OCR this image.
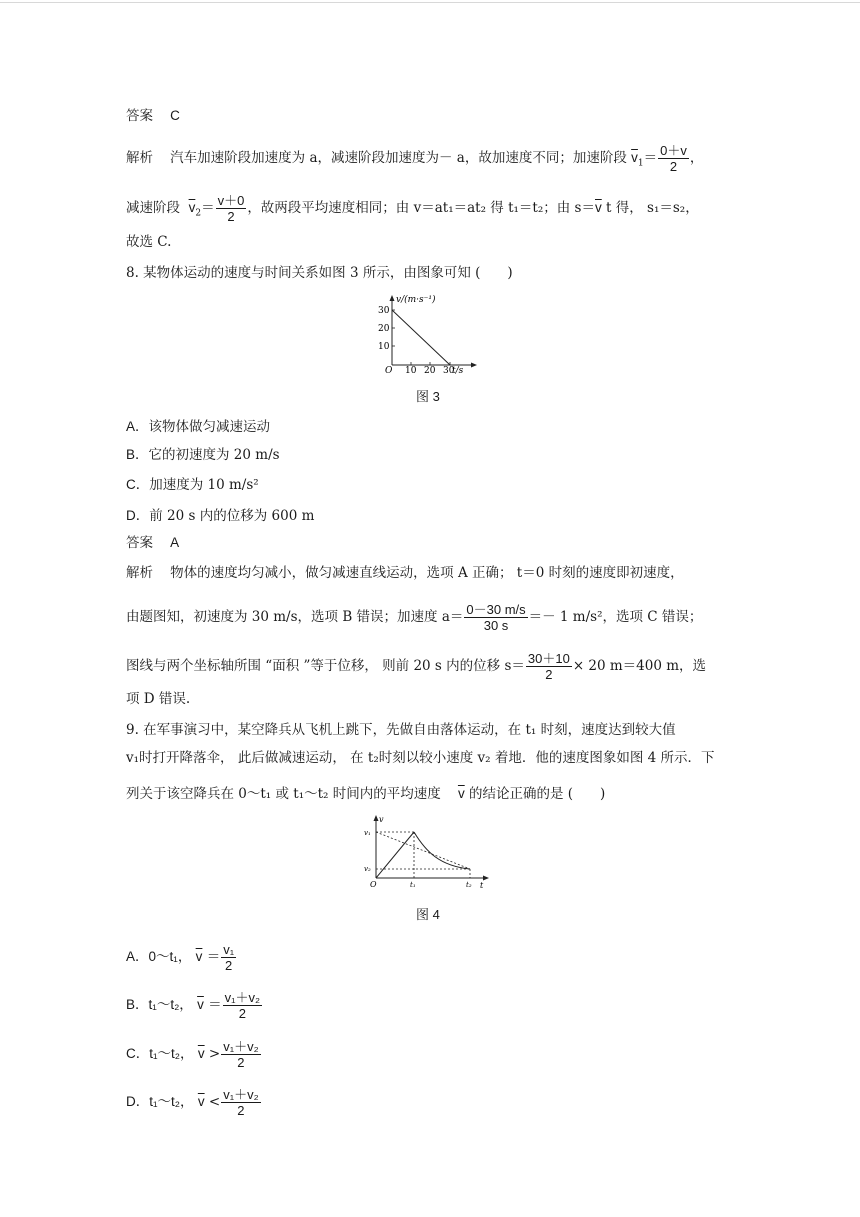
答案 C
解析 汽车加速阶段加速度为 a，减速阶段加速度为－ a，故加速度不同；加速阶段 $\overline{v}_1= \frac{0+v}{2}$ ，
减速阶段 $\overline{v}_2= \frac{v+0}{2}$ ，故两段平均速度相同；由 v＝at₁＝at₂ 得 t₁＝t₂；由 $s=\overline{v}$ t 得， s₁＝s₂，
故选 C.
8. 某物体运动的速度与时间关系如图 3 所示，由图象可知 (　　)
v/(m·s⁻¹)
t/s
O
30
20
10
10 20 30
图 3
A．该物体做匀减速运动
B．它的初速度为 20 m/s
C．加速度为 10 m/s²
D．前 20 s 内的位移为 600 m
答案 A
解析 物体的速度均匀减小，做匀减速直线运动，选项 A 正确； t＝0 时刻的速度即初速度，
由题图知，初速度为 30 m/s，选项 B 错误；加速度 $a= \frac{0-30 m/s}{30 s} =- 1$ m/s²，选项 C 错误；
图线与两个坐标轴所围 “面积 ”等于位移， 则前 20 s 内的位移 $s= \frac{30+10}{2} \times 20$ m＝400 m，选
项 D 错误.
9. 在军事演习中，某空降兵从飞机上跳下，先做自由落体运动，在 t₁ 时刻，速度达到较大值
v₁时打开降落伞， 此后做减速运动， 在 t₂时刻以较小速度 v₂ 着地．他的速度图象如图 4 所示．下
列关于该空降兵在 0～t₁ 或 t₁～t₂ 时间内的平均速度 $\overline{v}$ 的结论正确的是 (　　)
v
t
O
v₁
v₂
t₁	t₂
图 4
A．0～t₁， $\overline{v} = \frac{\text{v₁}}{2}$
B．t₁～t₂， $\overline{v} = \frac{\text{v₁＋v₂}}{2}$
C．t₁～t₂， $\overline{v} > \frac{\text{v₁＋v₂}}{2}$
D．t₁～t₂， $\overline{v} < \frac{\text{v₁＋v₂}}{2}$
